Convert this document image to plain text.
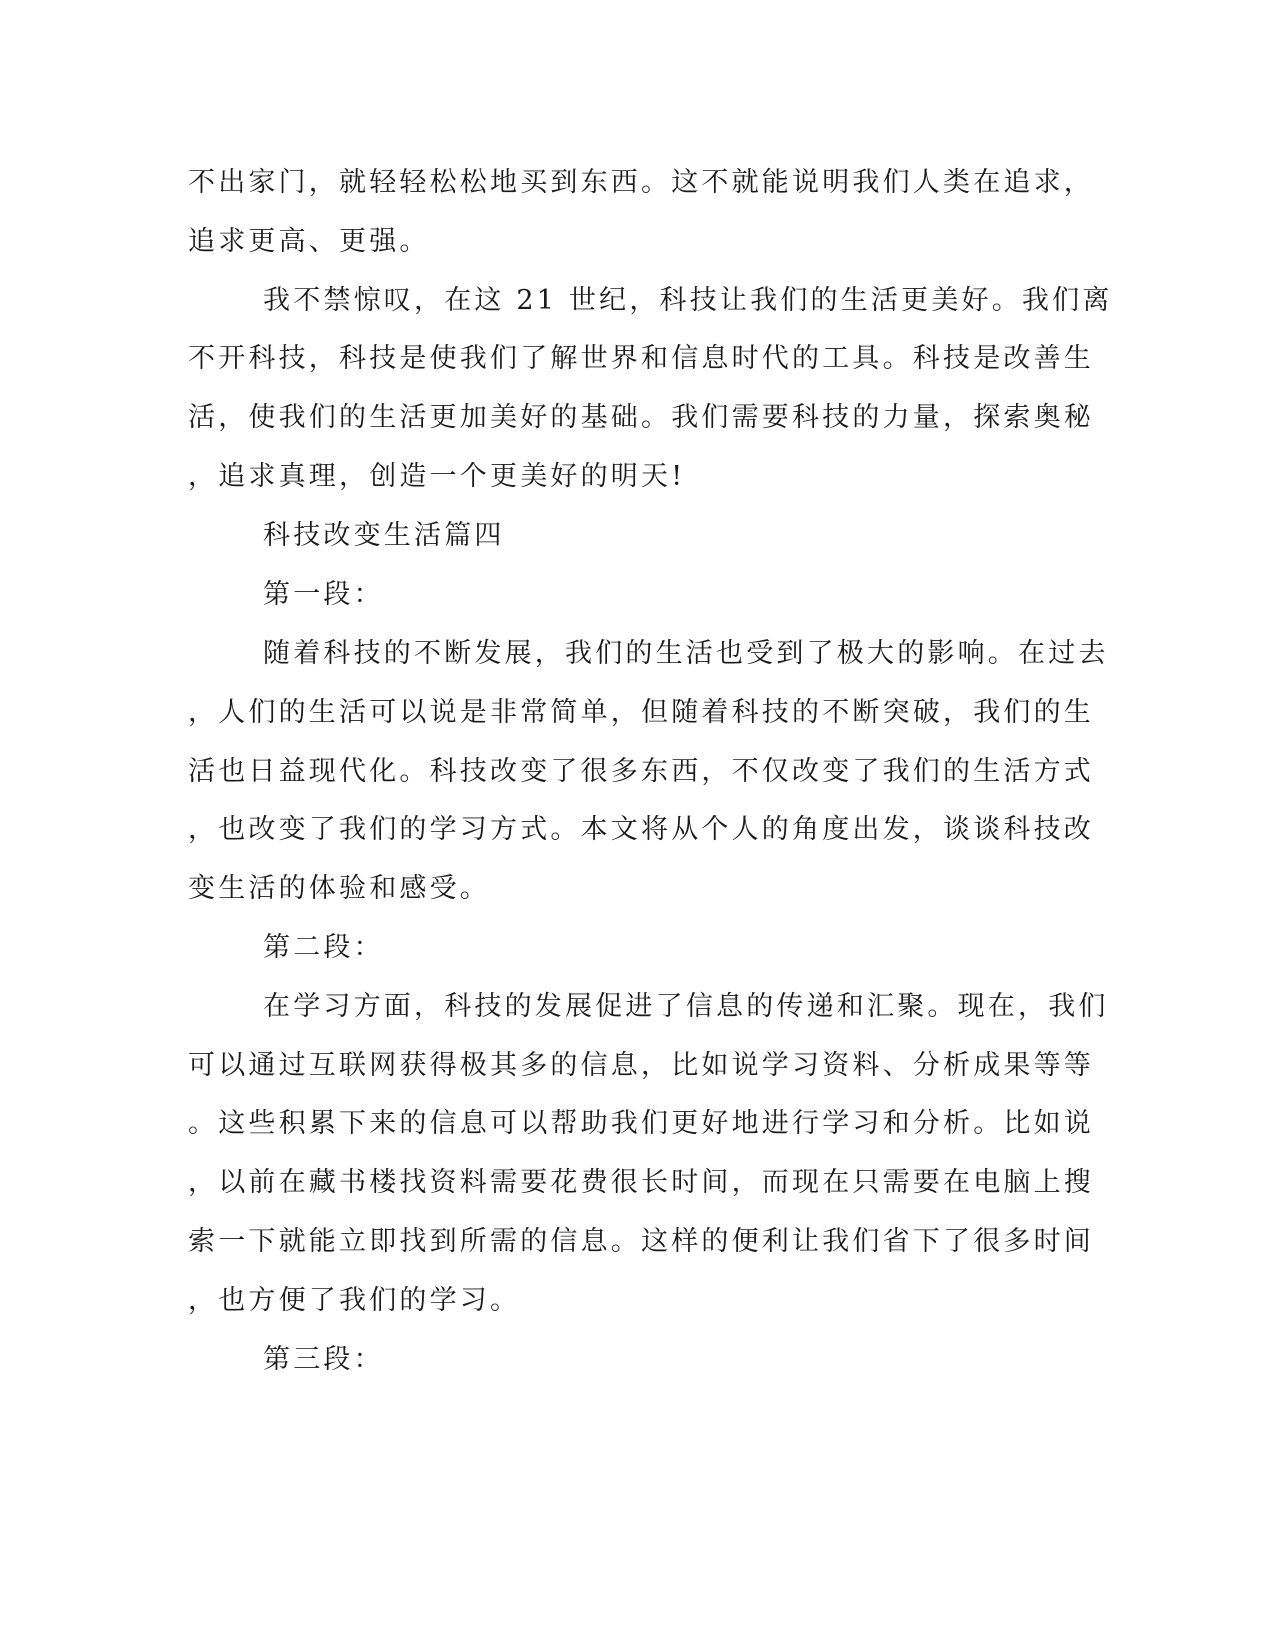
不出家门，就轻轻松松地买到东西。这不就能说明我们人类在追求，
追求更高、更强。
我不禁惊叹，在这 21 世纪，科技让我们的生活更美好。我们离
不开科技，科技是使我们了解世界和信息时代的工具。科技是改善生
活，使我们的生活更加美好的基础。我们需要科技的力量，探索奥秘
，追求真理，创造一个更美好的明天!
科技改变生活篇四
第一段：
随着科技的不断发展，我们的生活也受到了极大的影响。在过去
，人们的生活可以说是非常简单，但随着科技的不断突破，我们的生
活也日益现代化。科技改变了很多东西，不仅改变了我们的生活方式
，也改变了我们的学习方式。本文将从个人的角度出发，谈谈科技改
变生活的体验和感受。
第二段：
在学习方面，科技的发展促进了信息的传递和汇聚。现在，我们
可以通过互联网获得极其多的信息，比如说学习资料、分析成果等等
。这些积累下来的信息可以帮助我们更好地进行学习和分析。比如说
，以前在藏书楼找资料需要花费很长时间，而现在只需要在电脑上搜
索一下就能立即找到所需的信息。这样的便利让我们省下了很多时间
，也方便了我们的学习。
第三段：
